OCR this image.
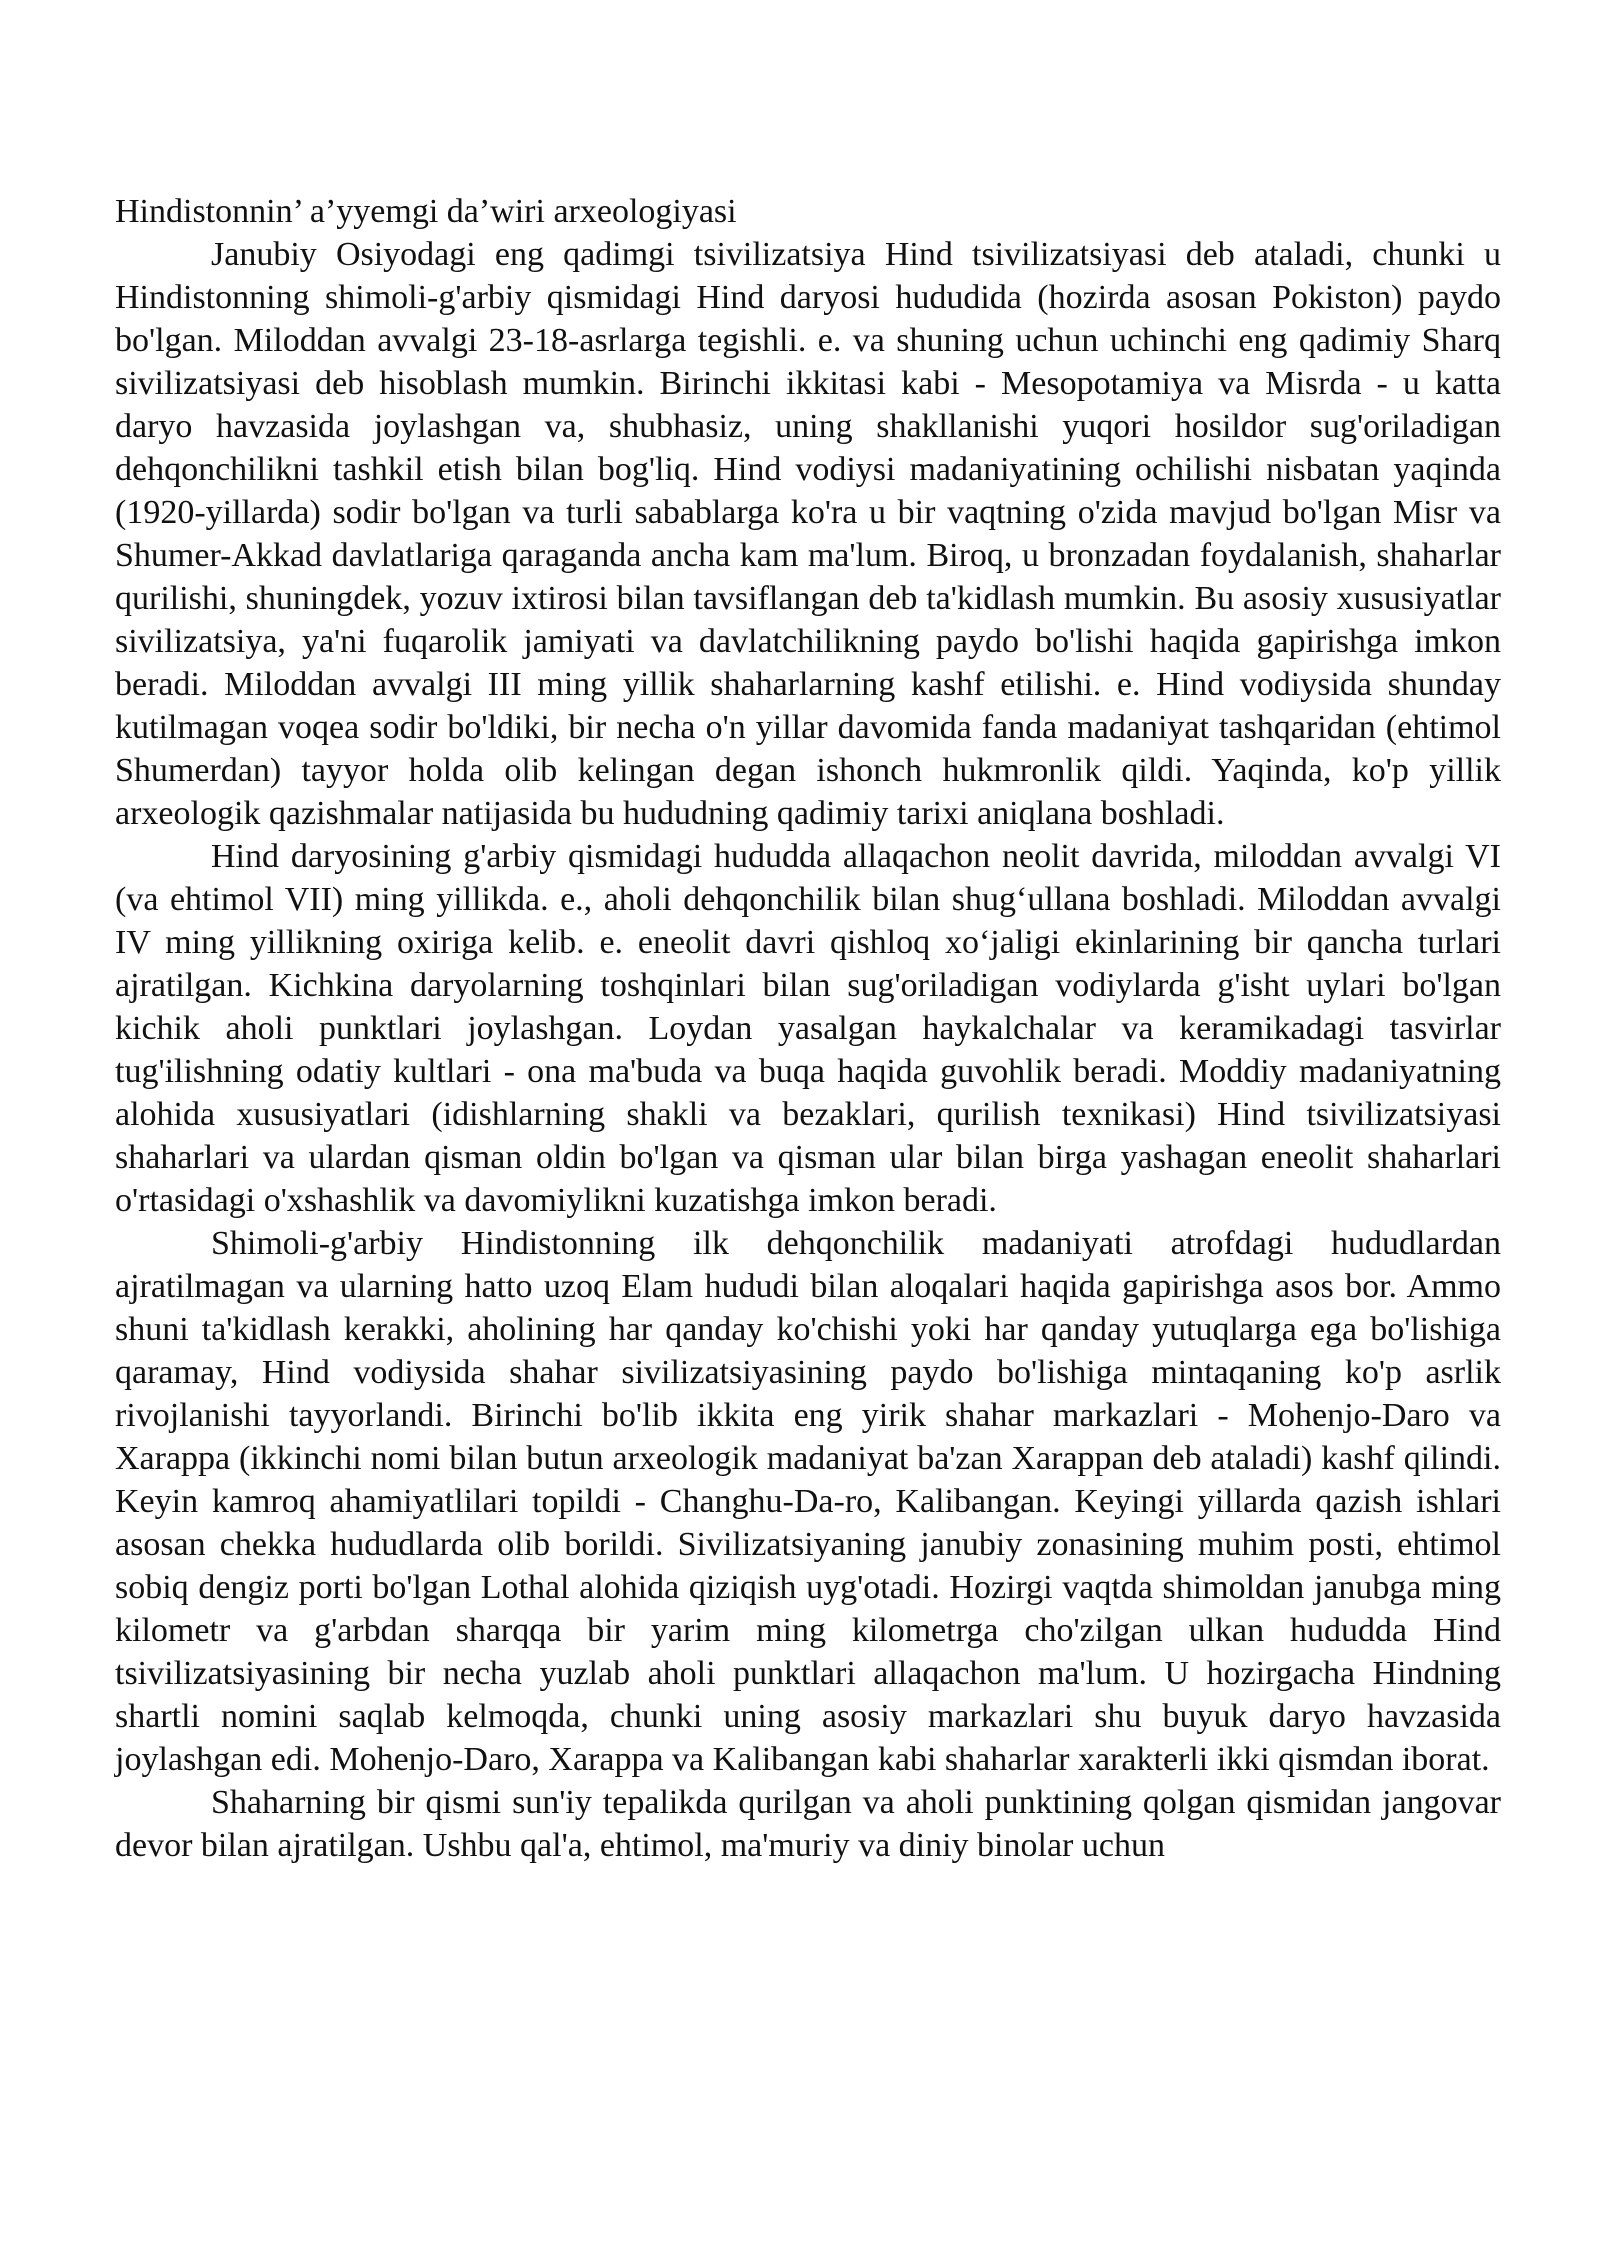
Hindistonnin’ a’yyemgi da’wiri arxeologiyasi

Janubiy Osiyodagi eng qadimgi tsivilizatsiya Hind tsivilizatsiyasi deb ataladi, chunki u Hindistonning shimoli-g'arbiy qismidagi Hind daryosi hududida (hozirda asosan Pokiston) paydo bo'lgan. Miloddan avvalgi 23-18-asrlarga tegishli. e. va shuning uchun uchinchi eng qadimiy Sharq sivilizatsiyasi deb hisoblash mumkin. Birinchi ikkitasi kabi - Mesopotamiya va Misrda - u katta daryo havzasida joylashgan va, shubhasiz, uning shakllanishi yuqori hosildor sug'oriladigan dehqonchilikni tashkil etish bilan bog'liq. Hind vodiysi madaniyatining ochilishi nisbatan yaqinda (1920-yillarda) sodir bo'lgan va turli sabablarga ko'ra u bir vaqtning o'zida mavjud bo'lgan Misr va Shumer-Akkad davlatlariga qaraganda ancha kam ma'lum. Biroq, u bronzadan foydalanish, shaharlar qurilishi, shuningdek, yozuv ixtirosi bilan tavsiflangan deb ta'kidlash mumkin. Bu asosiy xususiyatlar sivilizatsiya, ya'ni fuqarolik jamiyati va davlatchilikning paydo bo'lishi haqida gapirishga imkon beradi. Miloddan avvalgi III ming yillik shaharlarning kashf etilishi. e. Hind vodiysida shunday kutilmagan voqea sodir bo'ldiki, bir necha o'n yillar davomida fanda madaniyat tashqaridan (ehtimol Shumerdan) tayyor holda olib kelingan degan ishonch hukmronlik qildi. Yaqinda, ko'p yillik arxeologik qazishmalar natijasida bu hududning qadimiy tarixi aniqlana boshladi.

Hind daryosining g'arbiy qismidagi hududda allaqachon neolit davrida, miloddan avvalgi VI (va ehtimol VII) ming yillikda. e., aholi dehqonchilik bilan shug‘ullana boshladi. Miloddan avvalgi IV ming yillikning oxiriga kelib. e. eneolit davri qishloq xo‘jaligi ekinlarining bir qancha turlari ajratilgan. Kichkina daryolarning toshqinlari bilan sug'oriladigan vodiylarda g'isht uylari bo'lgan kichik aholi punktlari joylashgan. Loydan yasalgan haykalchalar va keramikadagi tasvirlar tug'ilishning odatiy kultlari - ona ma'buda va buqa haqida guvohlik beradi. Moddiy madaniyatning alohida xususiyatlari (idishlarning shakli va bezaklari, qurilish texnikasi) Hind tsivilizatsiyasi shaharlari va ulardan qisman oldin bo'lgan va qisman ular bilan birga yashagan eneolit shaharlari o'rtasidagi o'xshashlik va davomiylikni kuzatishga imkon beradi.

Shimoli-g'arbiy Hindistonning ilk dehqonchilik madaniyati atrofdagi hududlardan ajratilmagan va ularning hatto uzoq Elam hududi bilan aloqalari haqida gapirishga asos bor. Ammo shuni ta'kidlash kerakki, aholining har qanday ko'chishi yoki har qanday yutuqlarga ega bo'lishiga qaramay, Hind vodiysida shahar sivilizatsiyasining paydo bo'lishiga mintaqaning ko'p asrlik rivojlanishi tayyorlandi. Birinchi bo'lib ikkita eng yirik shahar markazlari - Mohenjo-Daro va Xarappa (ikkinchi nomi bilan butun arxeologik madaniyat ba'zan Xarappan deb ataladi) kashf qilindi. Keyin kamroq ahamiyatlilari topildi - Changhu-Da-ro, Kalibangan. Keyingi yillarda qazish ishlari asosan chekka hududlarda olib borildi. Sivilizatsiyaning janubiy zonasining muhim posti, ehtimol sobiq dengiz porti bo'lgan Lothal alohida qiziqish uyg'otadi. Hozirgi vaqtda shimoldan janubga ming kilometr va g'arbdan sharqqa bir yarim ming kilometrga cho'zilgan ulkan hududda Hind tsivilizatsiyasining bir necha yuzlab aholi punktlari allaqachon ma'lum. U hozirgacha Hindning shartli nomini saqlab kelmoqda, chunki uning asosiy markazlari shu buyuk daryo havzasida joylashgan edi. Mohenjo-Daro, Xarappa va Kalibangan kabi shaharlar xarakterli ikki qismdan iborat.

Shaharning bir qismi sun'iy tepalikda qurilgan va aholi punktining qolgan qismidan jangovar devor bilan ajratilgan. Ushbu qal'a, ehtimol, ma'muriy va diniy binolar uchun
